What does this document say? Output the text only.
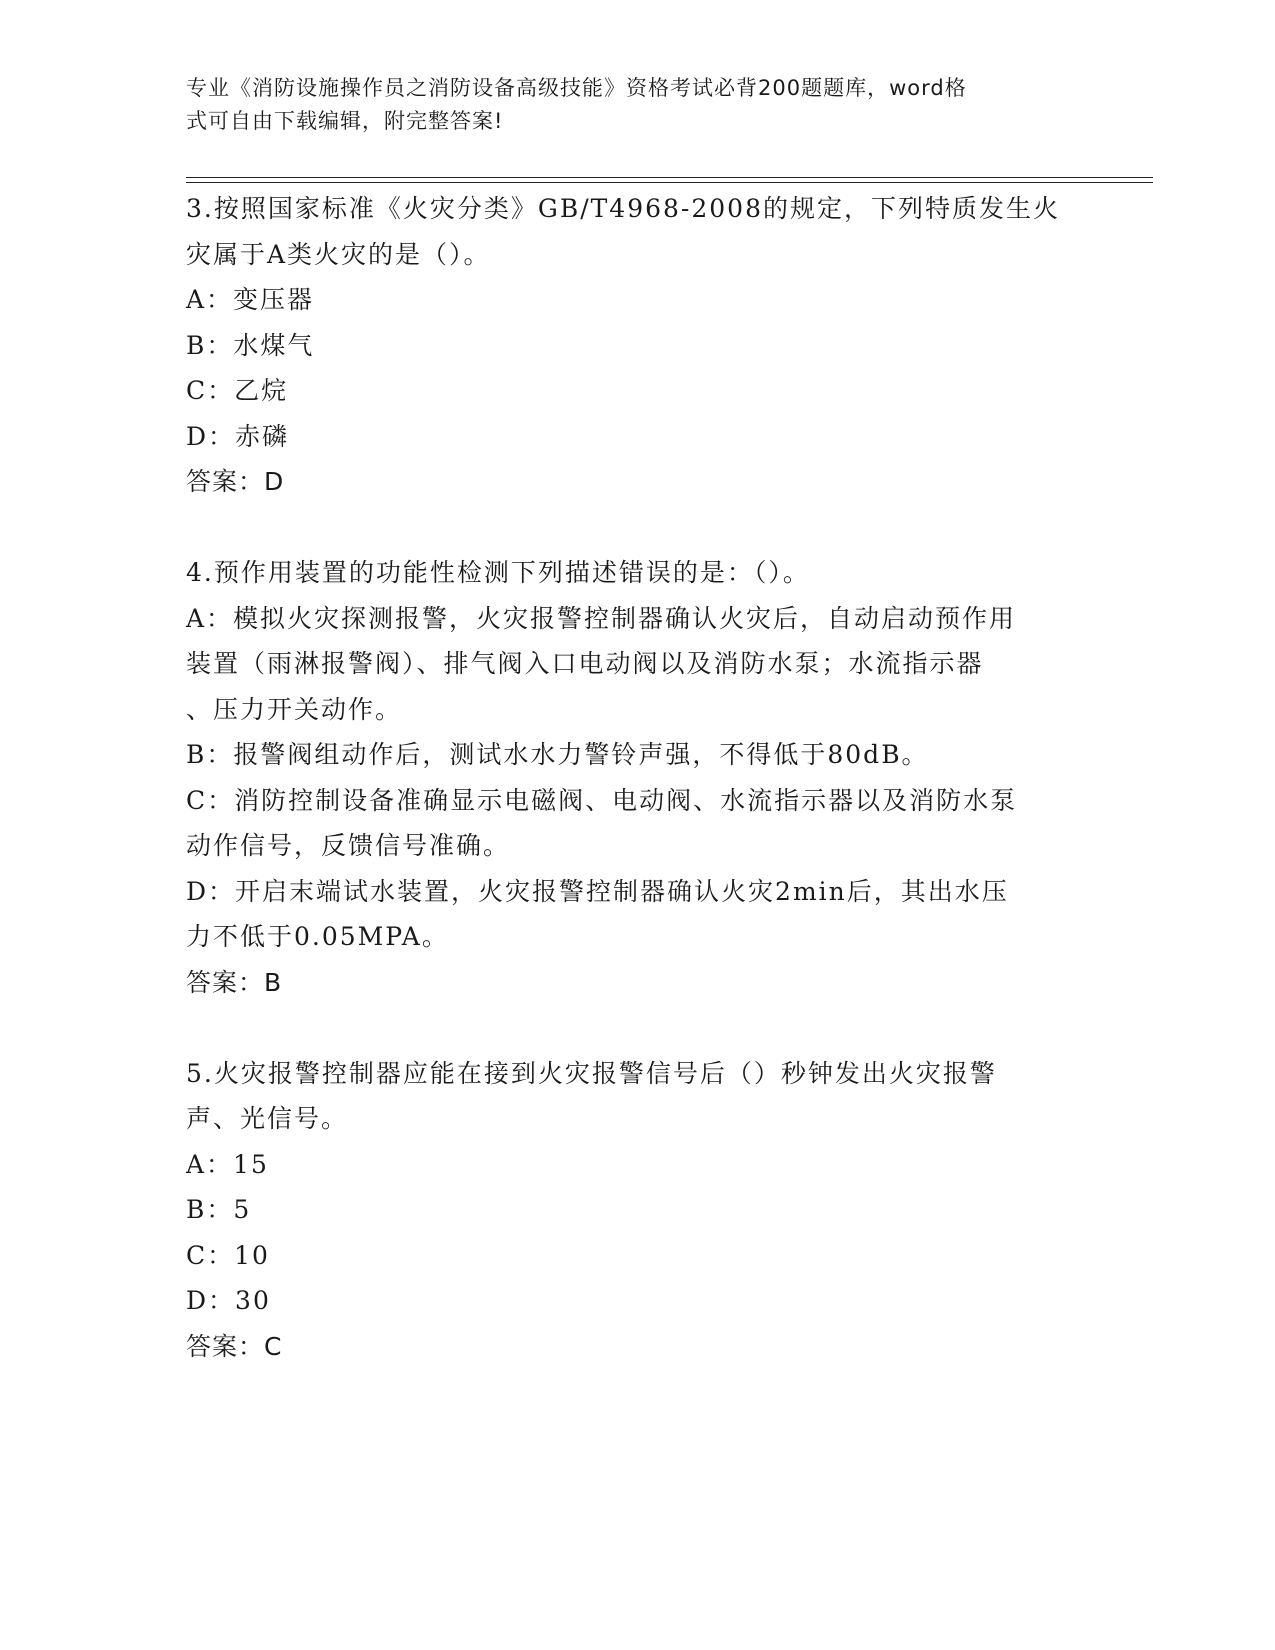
专业《消防设施操作员之消防设备高级技能》资格考试必背200题题库，word格
式可自由下载编辑，附完整答案!
3.按照国家标准《火灾分类》GB/T4968-2008的规定，下列特质发生火
灾属于A类火灾的是（）。
A：变压器
B：水煤气
C：乙烷
D：赤磷
答案：D
4.预作用装置的功能性检测下列描述错误的是：（）。
A：模拟火灾探测报警，火灾报警控制器确认火灾后，自动启动预作用
装置（雨淋报警阀）、排气阀入口电动阀以及消防水泵；水流指示器
、压力开关动作。
B：报警阀组动作后，测试水水力警铃声强，不得低于80dB。
C：消防控制设备准确显示电磁阀、电动阀、水流指示器以及消防水泵
动作信号，反馈信号准确。
D：开启末端试水装置，火灾报警控制器确认火灾2min后，其出水压
力不低于0.05MPA。
答案：B
5.火灾报警控制器应能在接到火灾报警信号后（）秒钟发出火灾报警
声、光信号。
A：15
B：5
C：10
D：30
答案：C
